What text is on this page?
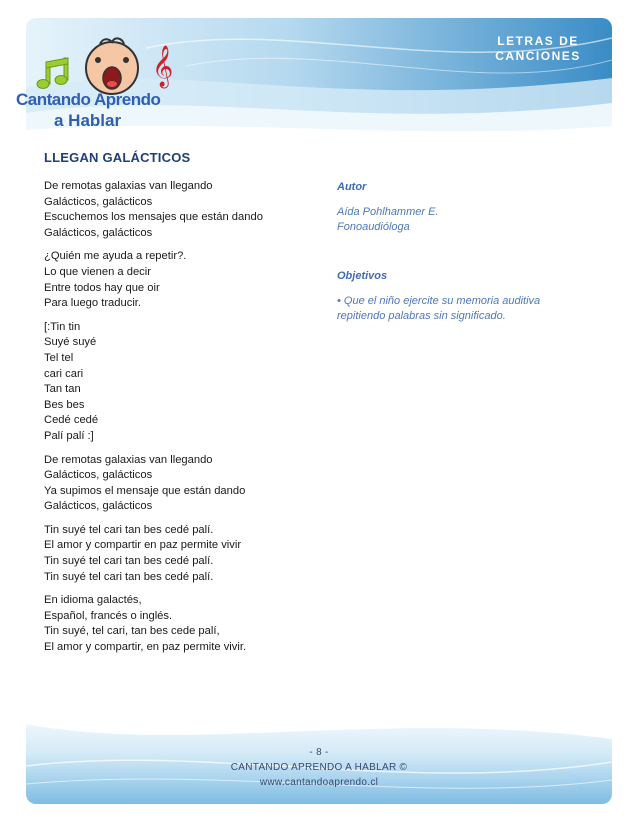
LETRAS DE
CANCIONES
𝄞
Cantando Aprendo
a Hablar
LLEGAN GALÁCTICOS
De remotas galaxias van llegando
Galácticos, galácticos
Escuchemos los mensajes que están dando
Galácticos, galácticos
¿Quién me ayuda a repetir?.
Lo que vienen a decir
Entre todos hay que oir
Para luego traducir.
[:Tin tin
Suyé suyé
Tel tel
cari cari
Tan tan
Bes bes
Cedé cedé
Palí palí :]
De remotas galaxias van llegando
Galácticos, galácticos
Ya supimos el mensaje que están dando
Galácticos, galácticos
Tin suyé tel cari tan bes cedé palí.
El amor y compartir en paz permite vivir
Tin suyé tel cari tan bes cedé palí.
Tin suyé tel cari tan bes cedé palí.
En idioma galactés,
Español, francés o inglés.
Tin suyé, tel cari, tan bes cede palí,
El amor y compartir, en paz permite vivir.
Autor
Aída Pohlhammer E.
Fonoaudióloga
Objetivos
• Que el niño ejercite su memoria auditiva
repitiendo palabras sin significado.
- 8 -
CANTANDO APRENDO A HABLAR ©
www.cantandoaprendo.cl
